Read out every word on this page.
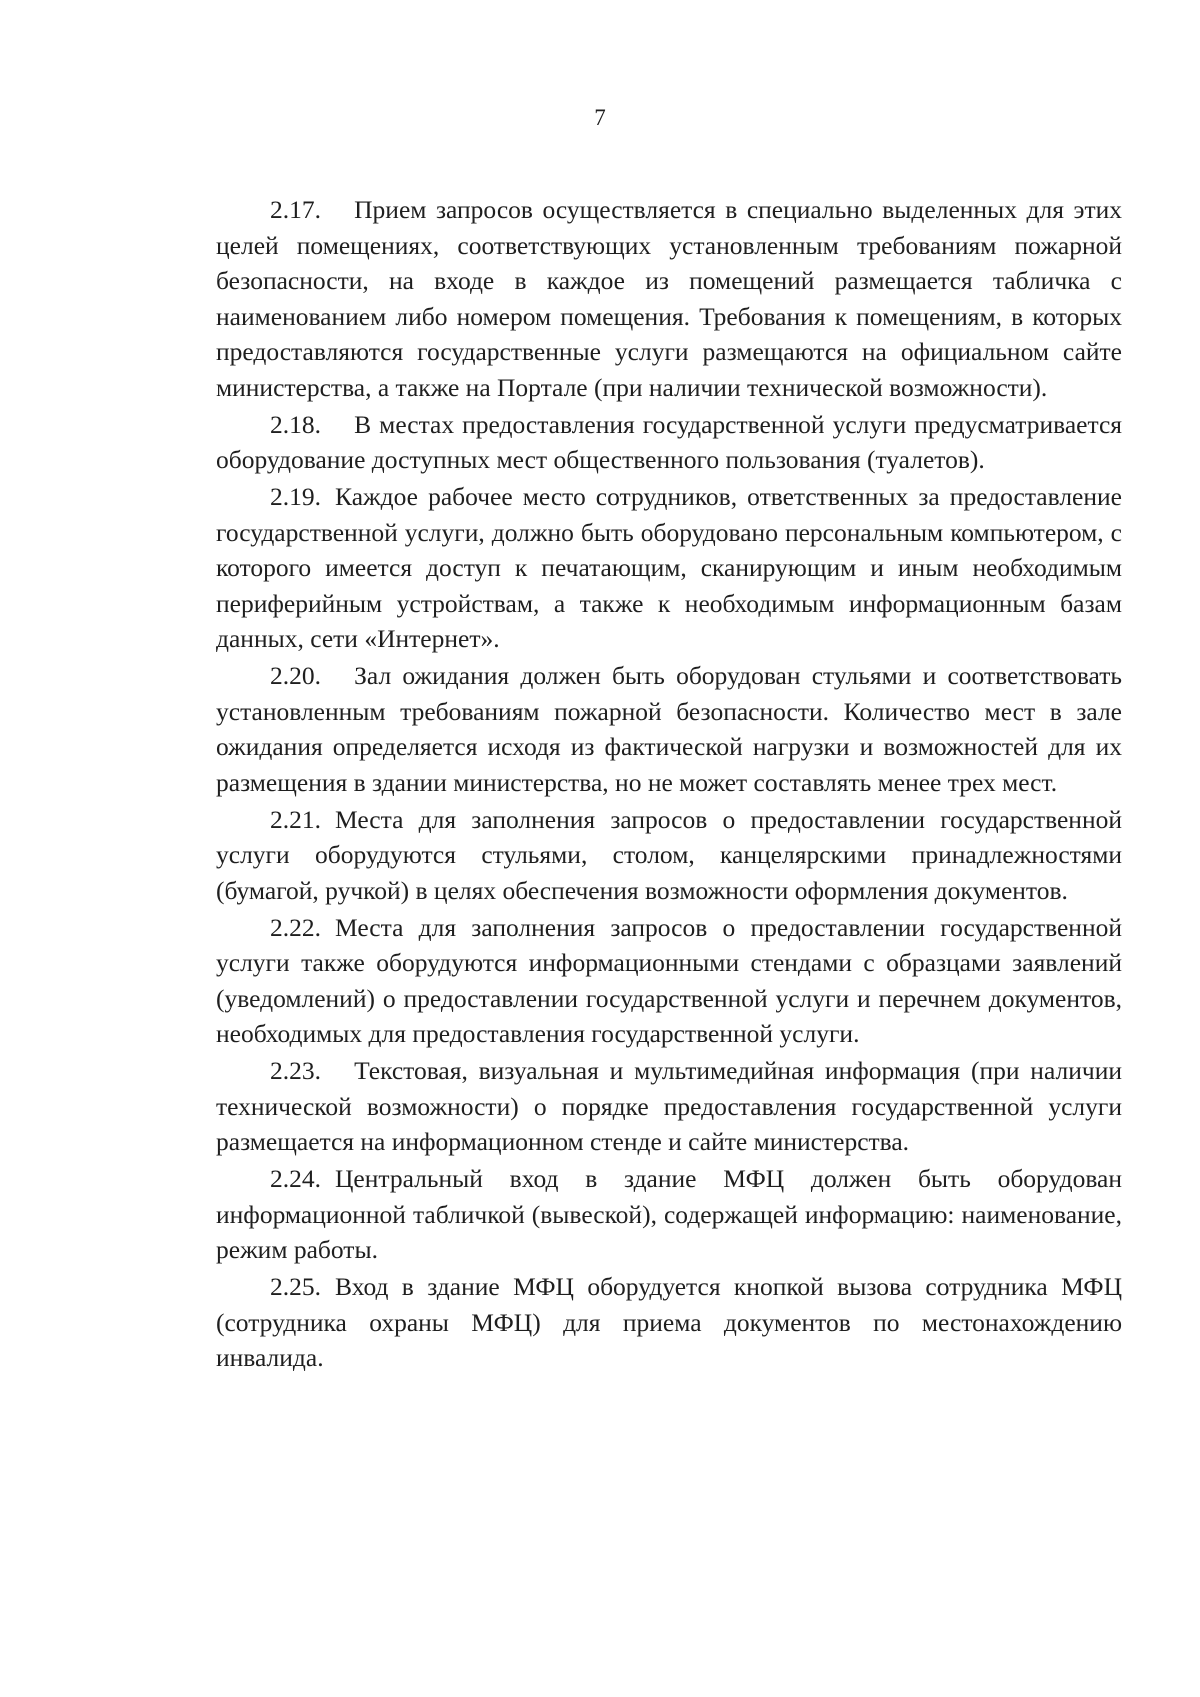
7

2.17. Прием запросов осуществляется в специально выделенных для этих целей помещениях, соответствующих установленным требованиям пожарной безопасности, на входе в каждое из помещений размещается табличка с наименованием либо номером помещения. Требования к помещениям, в которых предоставляются государственные услуги размещаются на официальном сайте министерства, а также на Портале (при наличии технической возможности).

2.18. В местах предоставления государственной услуги предусматривается оборудование доступных мест общественного пользования (туалетов).

2.19. Каждое рабочее место сотрудников, ответственных за предоставление государственной услуги, должно быть оборудовано персональным компьютером, с которого имеется доступ к печатающим, сканирующим и иным необходимым периферийным устройствам, а также к необходимым информационным базам данных, сети «Интернет».

2.20. Зал ожидания должен быть оборудован стульями и соответствовать установленным требованиям пожарной безопасности. Количество мест в зале ожидания определяется исходя из фактической нагрузки и возможностей для их размещения в здании министерства, но не может составлять менее трех мест.

2.21. Места для заполнения запросов о предоставлении государственной услуги оборудуются стульями, столом, канцелярскими принадлежностями (бумагой, ручкой) в целях обеспечения возможности оформления документов.

2.22. Места для заполнения запросов о предоставлении государственной услуги также оборудуются информационными стендами с образцами заявлений (уведомлений) о предоставлении государственной услуги и перечнем документов, необходимых для предоставления государственной услуги.

2.23. Текстовая, визуальная и мультимедийная информация (при наличии технической возможности) о порядке предоставления государственной услуги размещается на информационном стенде и сайте министерства.

2.24. Центральный вход в здание МФЦ должен быть оборудован информационной табличкой (вывеской), содержащей информацию: наименование, режим работы.

2.25. Вход в здание МФЦ оборудуется кнопкой вызова сотрудника МФЦ (сотрудника охраны МФЦ) для приема документов по местонахождению инвалида.
